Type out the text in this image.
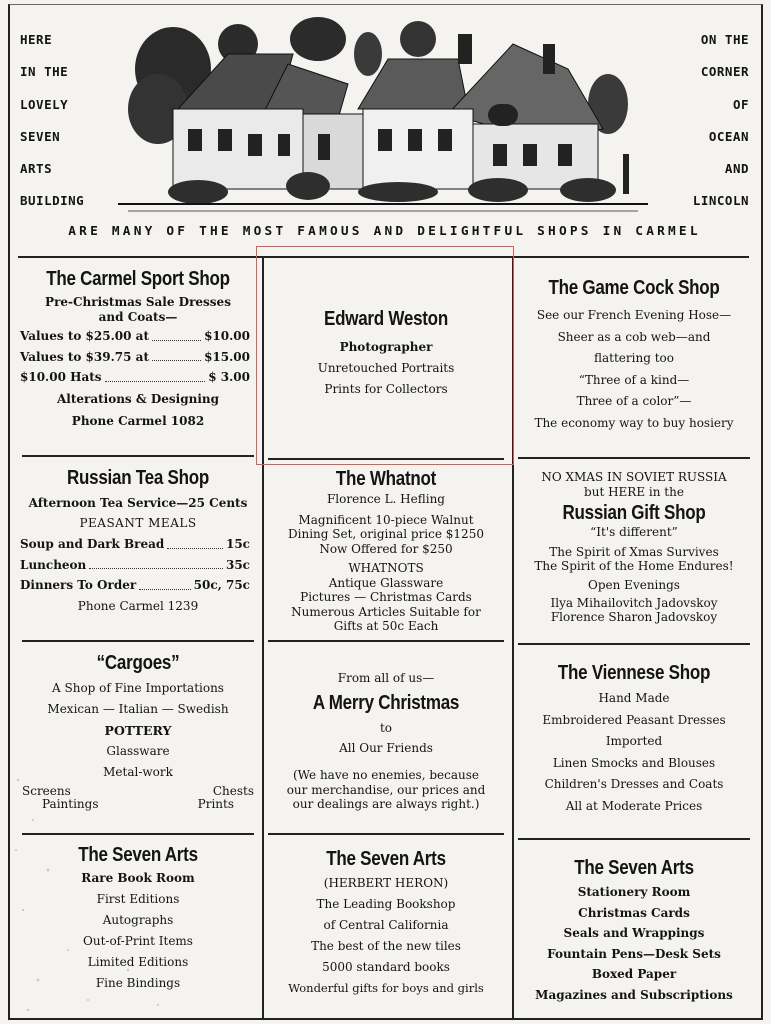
HERE
IN THE
LOVELY
SEVEN
ARTS
BUILDING
ON THE
CORNER
OF
OCEAN
AND
LINCOLN
ARE MANY OF THE MOST FAMOUS AND DELIGHTFUL SHOPS IN CARMEL
The Carmel Sport Shop
Pre-Christmas Sale Dresses
and Coats—
Values to $25.00 at	$10.00
Values to $39.75 at	$15.00
$10.00 Hats	$ 3.00
Alterations & Designing
Phone Carmel 1082
Edward Weston
Photographer
Unretouched Portraits
Prints for Collectors
The Game Cock Shop
See our French Evening Hose—
Sheer as a cob web—and
flattering too
“Three of a kind—
Three of a color”—
The economy way to buy hosiery
Russian Tea Shop
Afternoon Tea Service—25 Cents
PEASANT MEALS
Soup and Dark Bread	15c
Luncheon	35c
Dinners To Order	50c, 75c
Phone Carmel 1239
The Whatnot
Florence L. Hefling
Magnificent 10-piece Walnut
Dining Set, original price $1250
Now Offered for $250
WHATNOTS
Antique Glassware
Pictures — Christmas Cards
Numerous Articles Suitable for
Gifts at 50c Each
NO XMAS IN SOVIET RUSSIA
but HERE in the
Russian Gift Shop
“It's different”
The Spirit of Xmas Survives
The Spirit of the Home Endures!
Open Evenings
Ilya Mihailovitch Jadovskoy
Florence Sharon Jadovskoy
“Cargoes”
A Shop of Fine Importations
Mexican — Italian — Swedish
POTTERY
Glassware
Metal-work
Screens
Paintings
Chests
Prints
From all of us—
A Merry Christmas
to
All Our Friends
(We have no enemies, because
our merchandise, our prices and
our dealings are always right.)
The Viennese Shop
Hand Made
Embroidered Peasant Dresses
Imported
Linen Smocks and Blouses
Children's Dresses and Coats
All at Moderate Prices
The Seven Arts
Rare Book Room
First Editions
Autographs
Out-of-Print Items
Limited Editions
Fine Bindings
The Seven Arts
(HERBERT HERON)
The Leading Bookshop
of Central California
The best of the new tiles
5000 standard books
Wonderful gifts for boys and girls
The Seven Arts
Stationery Room
Christmas Cards
Seals and Wrappings
Fountain Pens—Desk Sets
Boxed Paper
Magazines and Subscriptions
